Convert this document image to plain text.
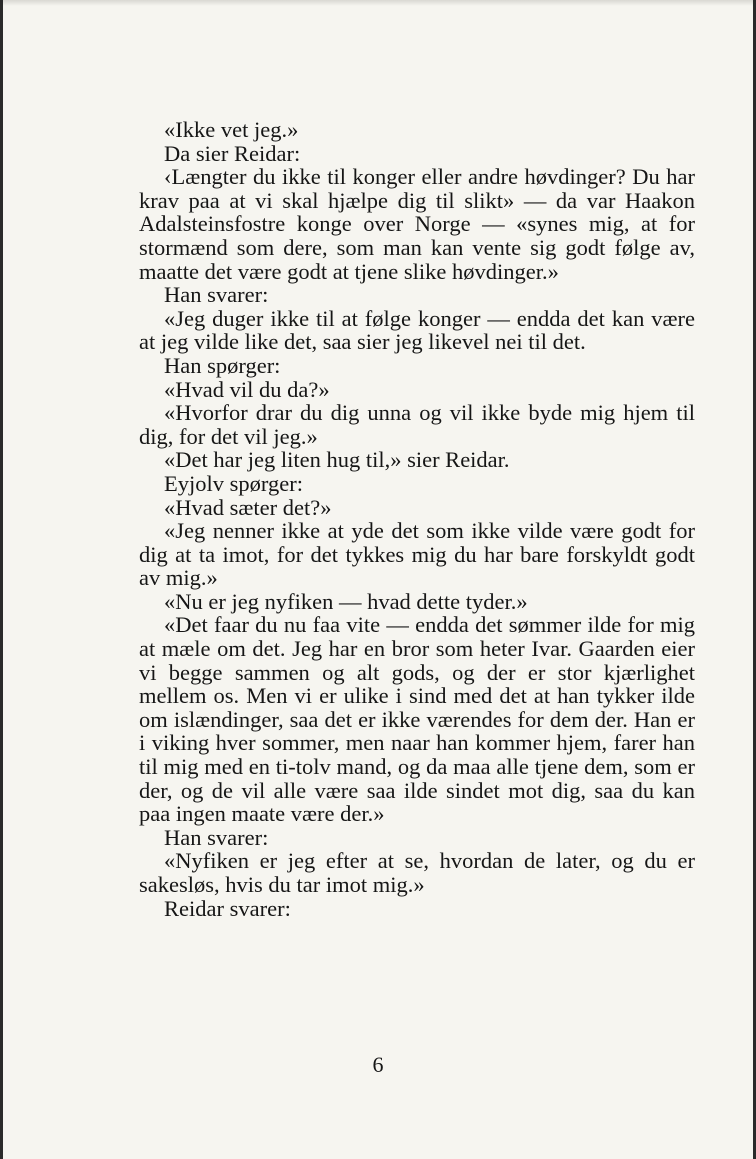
«Ikke vet jeg.»

Da sier Reidar:

‹Længter du ikke til konger eller andre høvdinger? Du har krav paa at vi skal hjælpe dig til slikt» — da var Haakon Adalsteinsfostre konge over Norge — «synes mig, at for stormænd som dere, som man kan vente sig godt følge av, maatte det være godt at tjene slike høvdinger.»

Han svarer:

«Jeg duger ikke til at følge konger — endda det kan være at jeg vilde like det, saa sier jeg likevel nei til det.

Han spørger:

«Hvad vil du da?»

«Hvorfor drar du dig unna og vil ikke byde mig hjem til dig, for det vil jeg.»

«Det har jeg liten hug til,» sier Reidar.

Eyjolv spørger:

«Hvad sæter det?»

«Jeg nenner ikke at yde det som ikke vilde være godt for dig at ta imot, for det tykkes mig du har bare forskyldt godt av mig.»

«Nu er jeg nyfiken — hvad dette tyder.»

«Det faar du nu faa vite — endda det sømmer ilde for mig at mæle om det. Jeg har en bror som heter Ivar. Gaarden eier vi begge sammen og alt gods, og der er stor kjærlighet mellem os. Men vi er ulike i sind med det at han tykker ilde om islændinger, saa det er ikke værendes for dem der. Han er i viking hver sommer, men naar han kommer hjem, farer han til mig med en ti-tolv mand, og da maa alle tjene dem, som er der, og de vil alle være saa ilde sindet mot dig, saa du kan paa ingen maate være der.»

Han svarer:

«Nyfiken er jeg efter at se, hvordan de later, og du er sakesløs, hvis du tar imot mig.»

Reidar svarer:

6
